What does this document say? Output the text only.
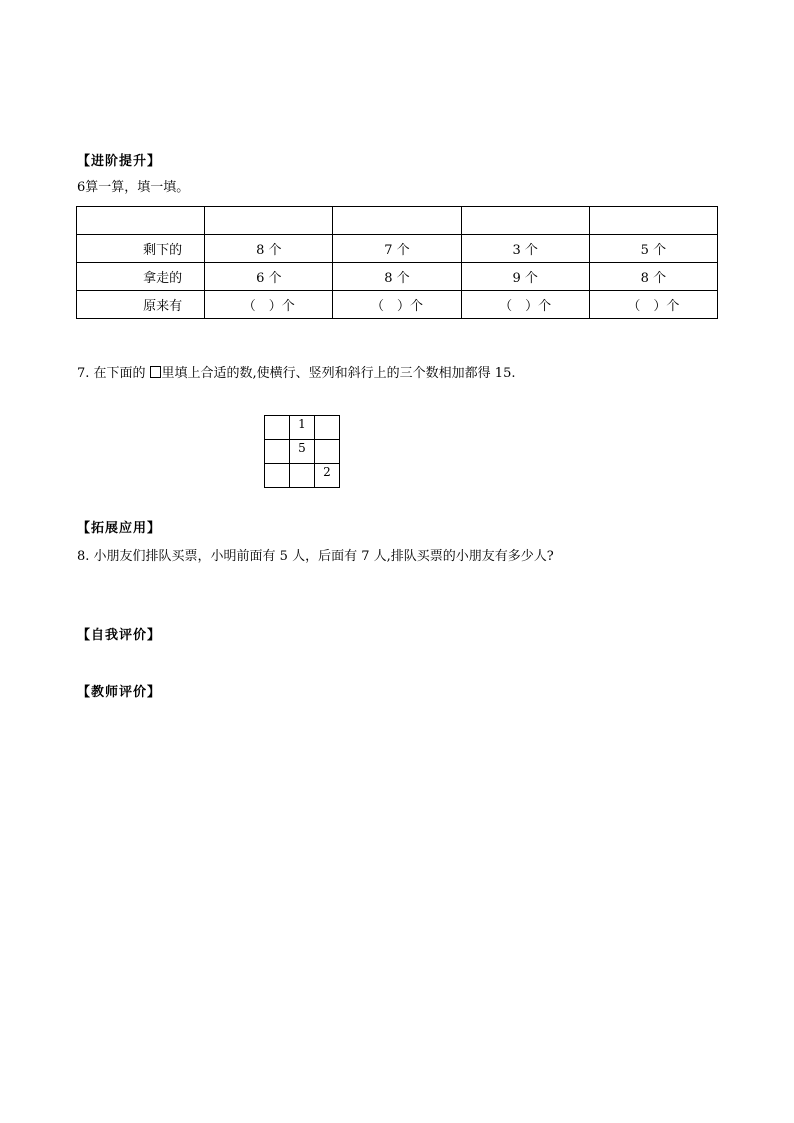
【进阶提升】
6算一算，填一填。

剩下的	8 个	7 个	3 个	5 个
拿走的	6 个	8 个	9 个	8 个
原来有	（　）个	（　）个	（　）个	（　）个
7. 在下面的 里填上合适的数,使横行、竖列和斜行上的三个数相加都得 15.
	1	
	5	
		2
【拓展应用】
8. 小朋友们排队买票，小明前面有 5 人，后面有 7 人,排队买票的小朋友有多少人?
【自我评价】
【教师评价】
